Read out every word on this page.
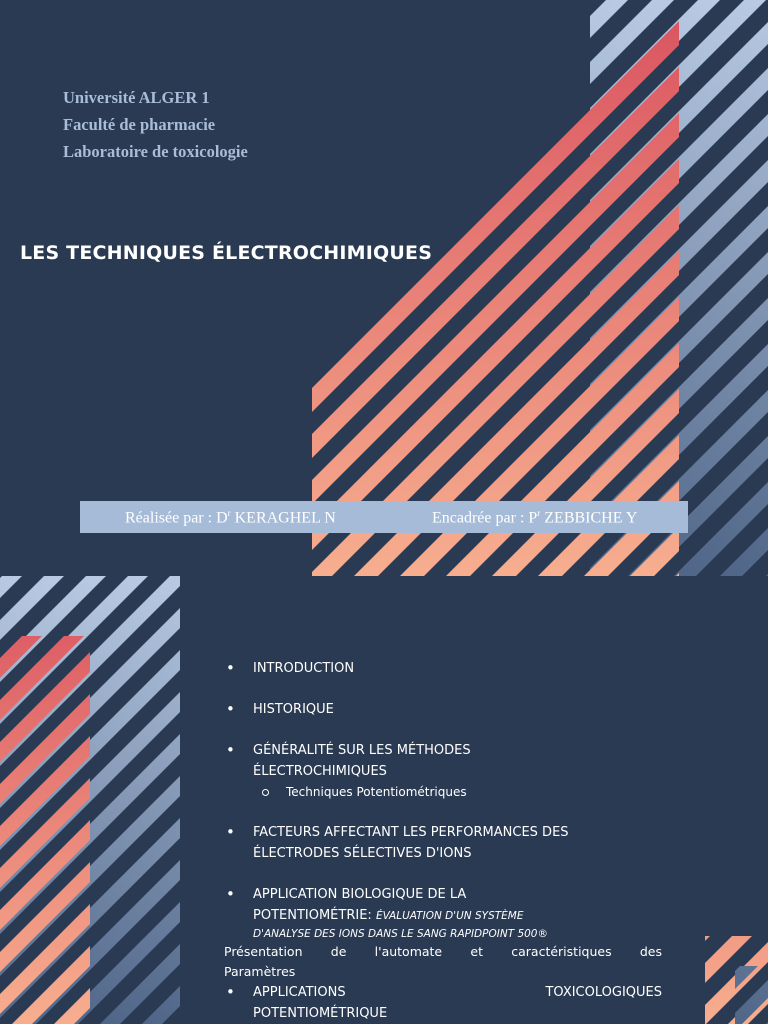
Université ALGER 1
Faculté de pharmacie
Laboratoire de toxicologie
LES TECHNIQUES ÉLECTROCHIMIQUES
Réalisée par : $D^r$ KERAGHEL N	Encadrée par : $P^r$ ZEBBICHE Y

• INTRODUCTION

• HISTORIQUE

• GÉNÉRALITÉ SUR LES MÉTHODES
ÉLECTROCHIMIQUES
Techniques Potentiométriques
• FACTEURS AFFECTANT LES PERFORMANCES DES
ÉLECTRODES SÉLECTIVES D'IONS
• APPLICATION BIOLOGIQUE DE LA
POTENTIOMÉTRIE: ÉVALUATION D'UN SYSTÈME
D'ANALYSE DES IONS DANS LE SANG RAPIDPOINT 500®
Présentation de l'automate et caractéristiques des
Paramètres
• APPLICATIONS TOXICOLOGIQUES
POTENTIOMÉTRIQUE
